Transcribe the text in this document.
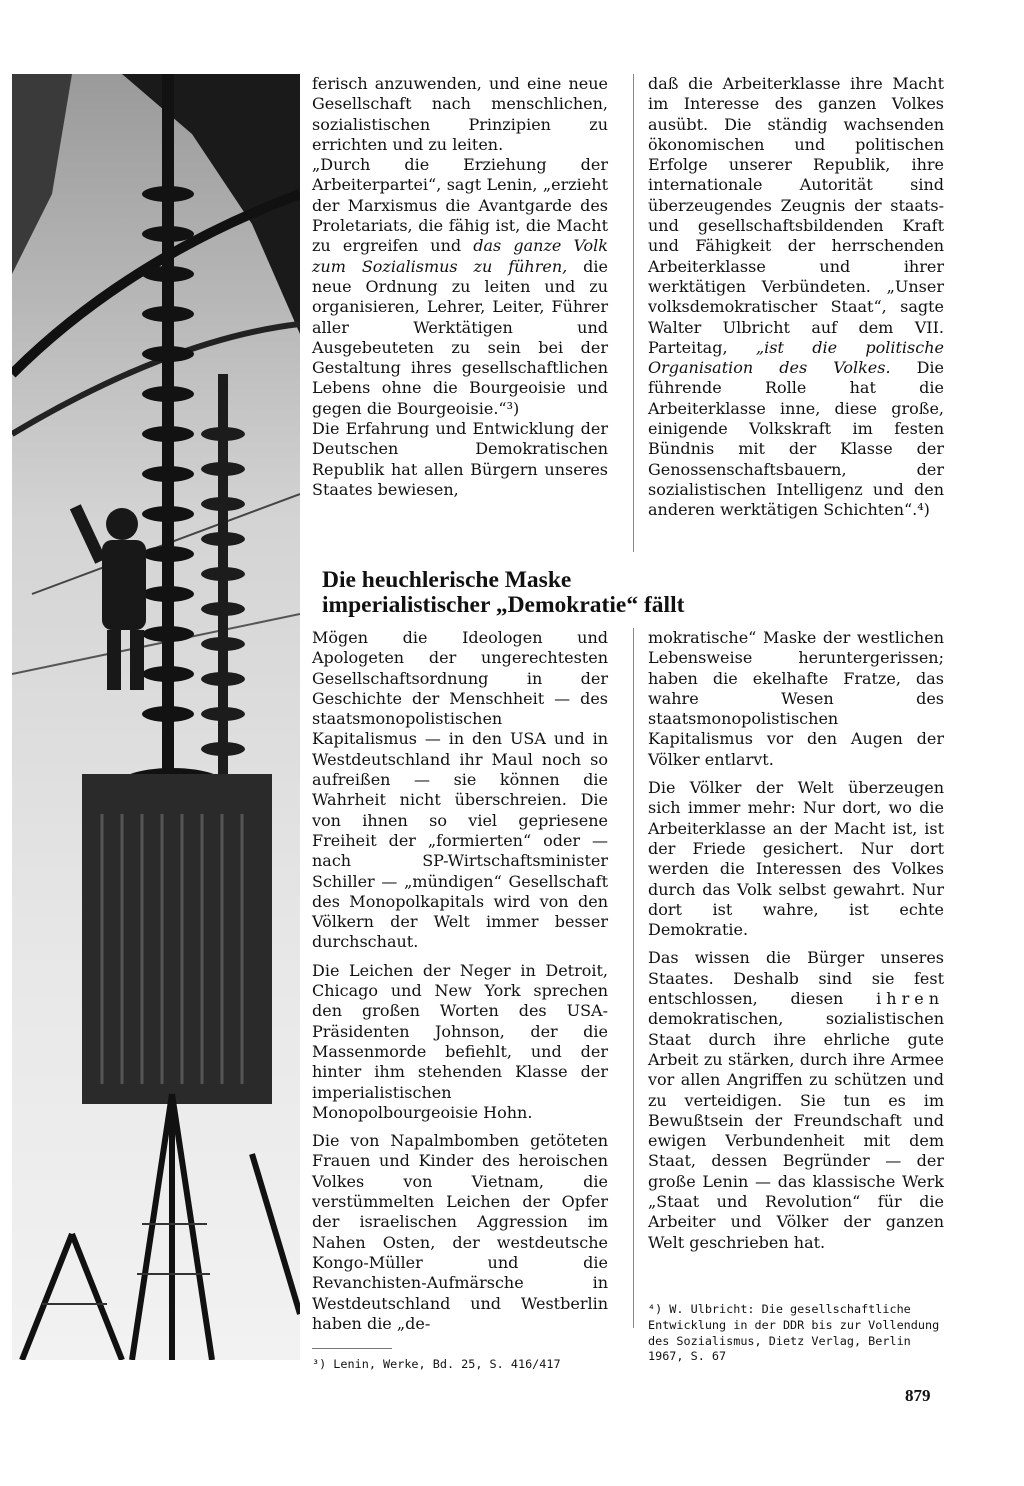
ferisch anzuwenden, und eine neue Gesellschaft nach menschlichen, sozialistischen Prinzipien zu errichten und zu leiten.

„Durch die Erziehung der Arbeiterpartei“, sagt Lenin, „erzieht der Marxismus die Avantgarde des Proletariats, die fähig ist, die Macht zu ergreifen und das ganze Volk zum Sozialismus zu führen, die neue Ordnung zu leiten und zu organisieren, Lehrer, Leiter, Führer aller Werktätigen und Ausgebeuteten zu sein bei der Gestaltung ihres gesellschaftlichen Lebens ohne die Bourgeoisie und gegen die Bourgeoisie.“³)

Die Erfahrung und Entwicklung der Deutschen Demokratischen Republik hat allen Bürgern unseres Staates bewiesen,

daß die Arbeiterklasse ihre Macht im Interesse des ganzen Volkes ausübt. Die ständig wachsenden ökonomischen und politischen Erfolge unserer Republik, ihre internationale Autorität sind überzeugendes Zeugnis der staats- und gesellschaftsbildenden Kraft und Fähigkeit der herrschenden Arbeiterklasse und ihrer werktätigen Verbündeten. „Unser volksdemokratischer Staat“, sagte Walter Ulbricht auf dem VII. Parteitag, „ist die politische Organisation des Volkes. Die führende Rolle hat die Arbeiterklasse inne, diese große, einigende Volkskraft im festen Bündnis mit der Klasse der Genossenschaftsbauern, der sozialistischen Intelligenz und den anderen werktätigen Schichten“.⁴)

Die heuchlerische Maske
imperialistischer „Demokratie“ fällt

Mögen die Ideologen und Apologeten der ungerechtesten Gesellschaftsordnung in der Geschichte der Menschheit — des staatsmonopolistischen Kapitalismus — in den USA und in Westdeutschland ihr Maul noch so aufreißen — sie können die Wahrheit nicht überschreien. Die von ihnen so viel gepriesene Freiheit der „formierten“ oder — nach SP-Wirtschaftsminister Schiller — „mündigen“ Gesellschaft des Monopolkapitals wird von den Völkern der Welt immer besser durchschaut.

Die Leichen der Neger in Detroit, Chicago und New York sprechen den großen Worten des USA-Präsidenten Johnson, der die Massenmorde befiehlt, und der hinter ihm stehenden Klasse der imperialistischen Monopolbourgeoisie Hohn.

Die von Napalmbomben getöteten Frauen und Kinder des heroischen Volkes von Vietnam, die verstümmelten Leichen der Opfer der israelischen Aggression im Nahen Osten, der westdeutsche Kongo-Müller und die Revanchisten-Aufmärsche in Westdeutschland und Westberlin haben die „de-

mokratische“ Maske der westlichen Lebensweise heruntergerissen; haben die ekelhafte Fratze, das wahre Wesen des staatsmonopolistischen Kapitalismus vor den Augen der Völker entlarvt.

Die Völker der Welt überzeugen sich immer mehr: Nur dort, wo die Arbeiterklasse an der Macht ist, ist der Friede gesichert. Nur dort werden die Interessen des Volkes durch das Volk selbst gewahrt. Nur dort ist wahre, ist echte Demokratie.

Das wissen die Bürger unseres Staates. Deshalb sind sie fest entschlossen, diesen ihren demokratischen, sozialistischen Staat durch ihre ehrliche gute Arbeit zu stärken, durch ihre Armee vor allen Angriffen zu schützen und zu verteidigen. Sie tun es im Bewußtsein der Freundschaft und ewigen Verbundenheit mit dem Staat, dessen Begründer — der große Lenin — das klassische Werk „Staat und Revolution“ für die Arbeiter und Völker der ganzen Welt geschrieben hat.

³) Lenin, Werke, Bd. 25, S. 416/417
⁴) W. Ulbricht: Die gesellschaftliche Entwicklung in der DDR bis zur Vollendung des Sozialismus, Dietz Verlag, Berlin 1967, S. 67
879
